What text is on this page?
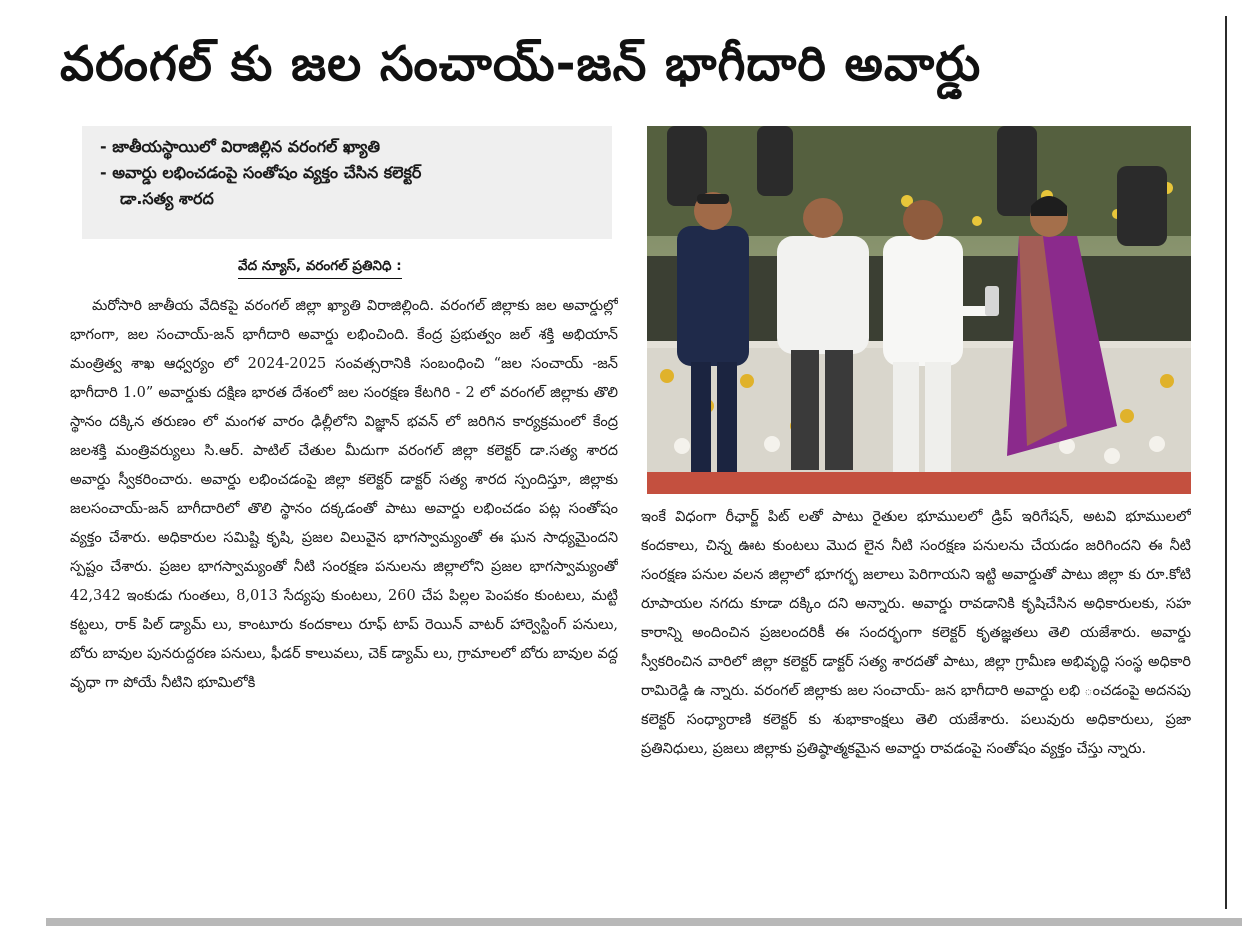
వరంగల్ కు జల సంచాయ్-జన్ భాగీదారి అవార్డు
- జాతీయస్థాయిలో విరాజిల్లిన వరంగల్ ఖ్యాతి
- అవార్డు లభించడంపై సంతోషం వ్యక్తం చేసిన కలెక్టర్
డా.సత్య శారద
వేద న్యూస్, వరంగల్ ప్రతినిధి :

మరోసారి జాతీయ వేదికపై వరంగల్ జిల్లా ఖ్యాతి విరాజిల్లింది. వరంగల్ జిల్లాకు జల అవార్డుల్లో భాగంగా, జల సంచాయ్-జన్ భాగీదారి అవార్డు లభించింది. కేంద్ర ప్రభుత్వం జల్ శక్తి అభియాన్ మంత్రిత్వ శాఖ ఆధ్వర్యం లో 2024-2025 సంవత్సరానికి సంబంధించి “జల సంచాయ్ -జన్ భాగీదారి 1.0” అవార్డుకు దక్షిణ భారత దేశంలో జల సంరక్షణ కేటగిరి - 2 లో వరంగల్ జిల్లాకు తొలి స్థానం దక్కిన తరుణం లో మంగళ వారం ఢిల్లీలోని విజ్ఞాన్ భవన్ లో జరిగిన కార్యక్రమంలో కేంద్ర జలశక్తి మంత్రివర్యులు సి.ఆర్. పాటిల్ చేతుల మీదుగా వరంగల్ జిల్లా కలెక్టర్ డా.సత్య శారద అవార్డు స్వీకరించారు. అవార్డు లభించడంపై జిల్లా కలెక్టర్ డాక్టర్ సత్య శారద స్పందిస్తూ, జిల్లాకు జలసంచాయ్-జన్ బాగీదారిలో తొలి స్థానం దక్కడంతో పాటు అవార్డు లభించడం పట్ల సంతోషం వ్యక్తం చేశారు. అధికారుల సమిష్టి కృషి, ప్రజల విలువైన భాగస్వామ్యంతో ఈ ఘన సాధ్యమైందని స్పష్టం చేశారు. ప్రజల భాగస్వామ్యంతో నీటి సంరక్షణ పనులను జిల్లాలోని ప్రజల భాగస్వామ్యంతో 42,342 ఇంకుడు గుంతలు, 8,013 సేద్యపు కుంటలు, 260 చేప పిల్లల పెంపకం కుంటలు, మట్టి కట్టలు, రాక్ పిల్ డ్యామ్ లు, కాంటూరు కందకాలు రూఫ్ టాప్ రెయిన్ వాటర్ హార్వెస్టింగ్ పనులు, బోరు బావుల పునరుద్దరణ పనులు, ఫీడర్ కాలువలు, చెక్ డ్యామ్ లు, గ్రామాలలో బోరు బావుల వద్ద వృధా గా పోయే నీటిని భూమిలోకి

ఇంకే విధంగా రీఛార్జ్ పిట్ లతో పాటు రైతుల భూములలో డ్రిప్ ఇరిగేషన్, అటవి భూములలో కందకాలు, చిన్న ఊట కుంటలు మొద లైన నీటి సంరక్షణ పనులను చేయడం జరిగిందని ఈ నీటి సంరక్షణ పనుల వలన జిల్లాలో భూగర్భ జలాలు పెరిగాయని ఇట్టి అవార్డుతో పాటు జిల్లా కు రూ.కోటి రూపాయల నగదు కూడా దక్కిం దని అన్నారు. అవార్డు రావడానికి కృషిచేసిన అధికారులకు, సహ కారాన్ని అందించిన ప్రజలందరికీ ఈ సందర్భంగా కలెక్టర్ కృతజ్ఞతలు తెలి యజేశారు. అవార్డు స్వీకరించిన వారిలో జిల్లా కలెక్టర్ డాక్టర్ సత్య శారదతో పాటు, జిల్లా గ్రామీణ అభివృద్ధి సంస్థ అధికారి రామిరెడ్డి ఉ న్నారు. వరంగల్ జిల్లాకు జల సంచాయ్- జన భాగీదారి అవార్డు లభి ంచడంపై అదనపు కలెక్టర్ సంధ్యారాణి కలెక్టర్ కు శుభాకాంక్షలు తెలి యజేశారు. పలువురు అధికారులు, ప్రజా ప్రతినిధులు, ప్రజలు జిల్లాకు ప్రతిష్ఠాత్మకమైన అవార్డు రావడంపై సంతోషం వ్యక్తం చేస్తు న్నారు.
